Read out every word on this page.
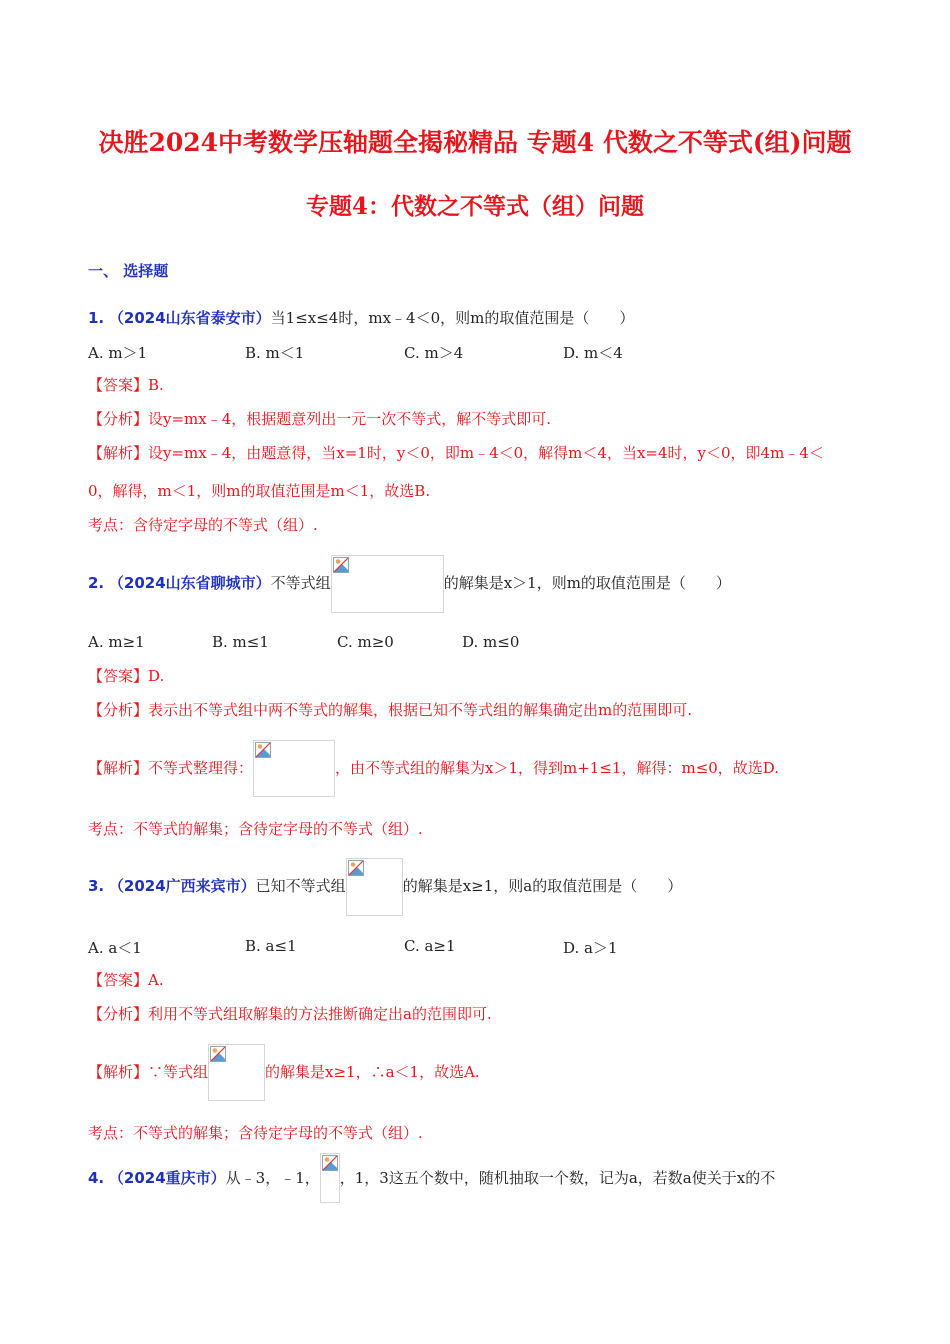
决胜2024中考数学压轴题全揭秘精品 专题4 代数之不等式(组)问题
专题4：代数之不等式（组）问题
一、 选择题
1. （2024山东省泰安市）当1≤x≤4时，mx﹣4＜0，则m的取值范围是（　　）
A. m＞1	B. m＜1	C. m＞4	D. m＜4
【答案】B.
【分析】设y=mx﹣4，根据题意列出一元一次不等式，解不等式即可.
【解析】设y=mx﹣4，由题意得，当x=1时，y＜0，即m﹣4＜0，解得m＜4，当x=4时，y＜0，即4m﹣4＜
0，解得，m＜1，则m的取值范围是m＜1，故选B.
考点：含待定字母的不等式（组）.
2. （2024山东省聊城市）不等式组	的解集是x＞1，则m的取值范围是（　　）
A. m≥1	B. m≤1	C. m≥0	D. m≤0
【答案】D.
【分析】表示出不等式组中两不等式的解集，根据已知不等式组的解集确定出m的范围即可.
【解析】不等式整理得：	，由不等式组的解集为x＞1，得到m+1≤1，解得：m≤0，故选D.
考点：不等式的解集；含待定字母的不等式（组）.
3. （2024广西来宾市）已知不等式组	的解集是x≥1，则a的取值范围是（　　）
A. a＜1	B. a≤1	C. a≥1	D. a＞1
【答案】A.
【分析】利用不等式组取解集的方法推断确定出a的范围即可.
【解析】∵等式组	的解集是x≥1，∴a＜1，故选A.
考点：不等式的解集；含待定字母的不等式（组）.
4. （2024重庆市）从﹣3，﹣1， ，1，3这五个数中，随机抽取一个数，记为a，若数a使关于x的不
